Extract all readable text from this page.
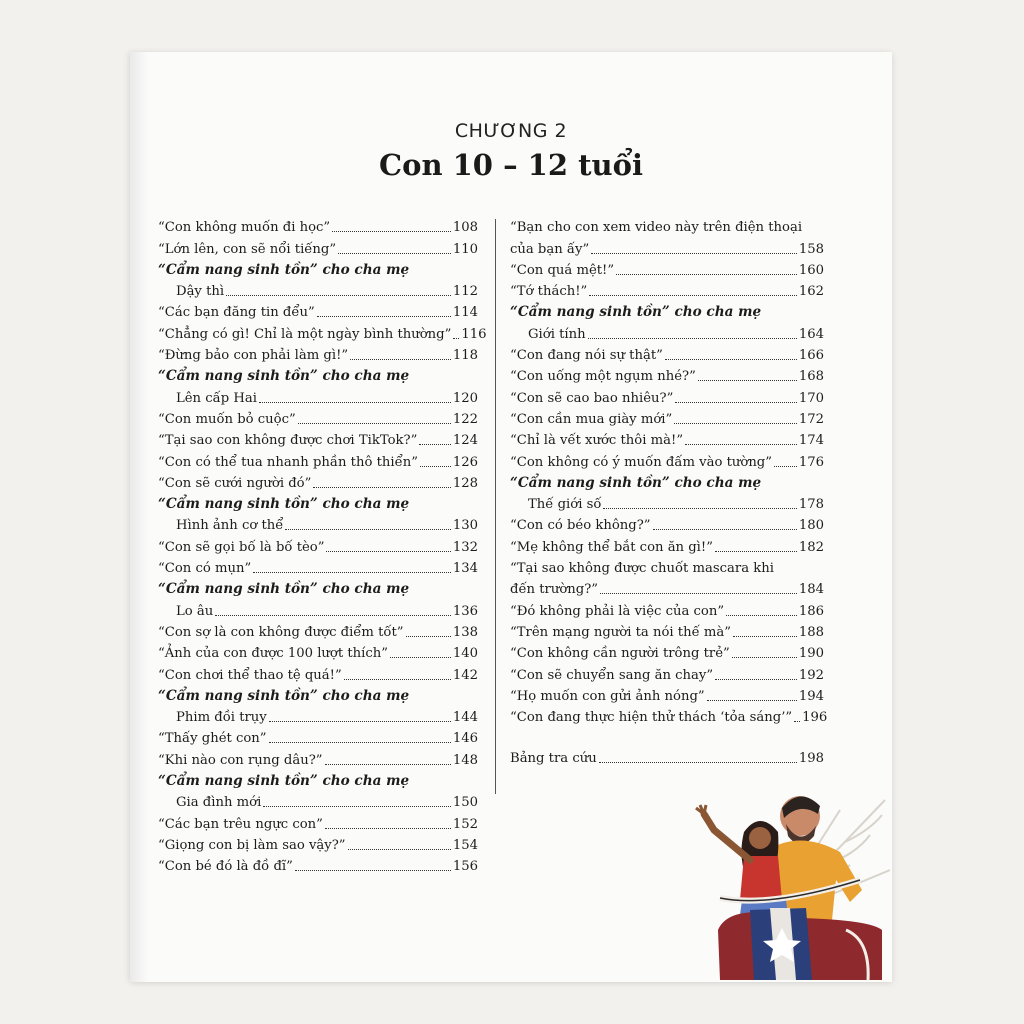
CHƯƠNG 2
Con 10 – 12 tuổi
“Con không muốn đi học”	108
“Lớn lên, con sẽ nổi tiếng”	110
“Cẩm nang sinh tồn” cho cha mẹ
Dậy thì	112
“Các bạn đăng tin đểu”	114
“Chẳng có gì! Chỉ là một ngày bình thường” 116
“Đừng bảo con phải làm gì!”	118
“Cẩm nang sinh tồn” cho cha mẹ
Lên cấp Hai	120
“Con muốn bỏ cuộc”	122
“Tại sao con không được chơi TikTok?”	124
“Con có thể tua nhanh phần thô thiển”	126
“Con sẽ cưới người đó”	128
“Cẩm nang sinh tồn” cho cha mẹ
Hình ảnh cơ thể	130
“Con sẽ gọi bố là bố tèo”	132
“Con có mụn”	134
“Cẩm nang sinh tồn” cho cha mẹ
Lo âu	136
“Con sợ là con không được điểm tốt”	138
“Ảnh của con được 100 lượt thích”	140
“Con chơi thể thao tệ quá!”	142
“Cẩm nang sinh tồn” cho cha mẹ
Phim đồi trụy	144
“Thấy ghét con”	146
“Khi nào con rụng dâu?”	148
“Cẩm nang sinh tồn” cho cha mẹ
Gia đình mới	150
“Các bạn trêu ngực con”	152
“Giọng con bị làm sao vậy?”	154
“Con bé đó là đồ đĩ”	156
“Bạn cho con xem video này trên điện thoại
của bạn ấy”	158
“Con quá mệt!”	160
“Tớ thách!”	162
“Cẩm nang sinh tồn” cho cha mẹ
Giới tính	164
“Con đang nói sự thật”	166
“Con uống một ngụm nhé?”	168
“Con sẽ cao bao nhiêu?”	170
“Con cần mua giày mới”	172
“Chỉ là vết xước thôi mà!”	174
“Con không có ý muốn đấm vào tường” 176
“Cẩm nang sinh tồn” cho cha mẹ
Thế giới số	178
“Con có béo không?”	180
“Mẹ không thể bắt con ăn gì!”	182
“Tại sao không được chuốt mascara khi
đến trường?”	184
“Đó không phải là việc của con”	186
“Trên mạng người ta nói thế mà”	188
“Con không cần người trông trẻ”	190
“Con sẽ chuyển sang ăn chay”	192
“Họ muốn con gửi ảnh nóng”	194
“Con đang thực hiện thử thách ‘tỏa sáng’” 196
Bảng tra cứu	198
